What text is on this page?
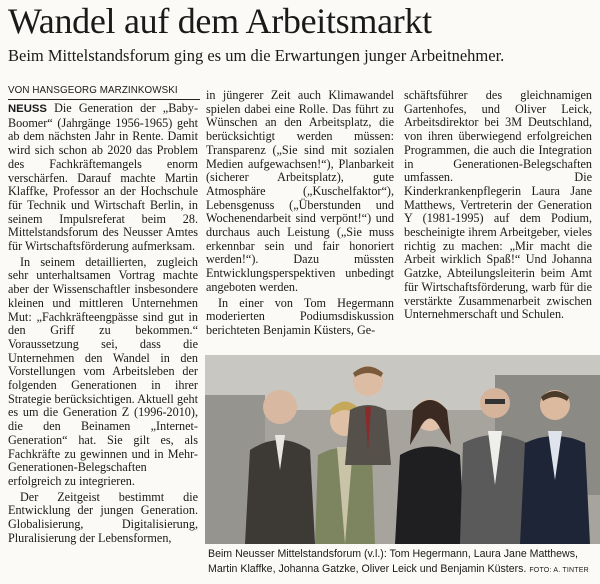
Wandel auf dem Arbeitsmarkt
Beim Mittelstandsforum ging es um die Erwartungen junger Arbeitnehmer.
VON HANSGEORG MARZINKOWSKI

NEUSS Die Generation der „Baby-Boomer“ (Jahrgänge 1956-1965) geht ab dem nächsten Jahr in Rente. Damit wird sich schon ab 2020 das Problem des Fachkräftemangels enorm verschärfen. Darauf machte Martin Klaffke, Professor an der Hochschule für Technik und Wirtschaft Berlin, in seinem Impulsreferat beim 28. Mittelstandsforum des Neusser Amtes für Wirtschaftsförderung aufmerksam.

In seinem detaillierten, zugleich sehr unterhaltsamen Vortrag machte aber der Wissenschaftler insbesondere kleinen und mittleren Unternehmen Mut: „Fachkräfteengpässe sind gut in den Griff zu bekommen.“ Voraussetzung sei, dass die Unternehmen den Wandel in den Vorstellungen vom Arbeitsleben der folgenden Generationen in ihrer Strategie berücksichtigen. Aktuell geht es um die Generation Z (1996-2010), die den Beinamen „Internet-Generation“ hat. Sie gilt es, als Fachkräfte zu gewinnen und in Mehr-Generationen-Belegschaften erfolgreich zu integrieren.

Der Zeitgeist bestimmt die Entwicklung der jungen Generation. Globalisierung, Digitalisierung, Pluralisierung der Lebensformen,

in jüngerer Zeit auch Klimawandel spielen dabei eine Rolle. Das führt zu Wünschen an den Arbeitsplatz, die berücksichtigt werden müssen: Transparenz („Sie sind mit sozialen Medien aufgewachsen!“), Planbarkeit (sicherer Arbeitsplatz), gute Atmosphäre („Kuschelfaktor“), Lebensgenuss („Überstunden und Wochenendarbeit sind verpönt!“) und durchaus auch Leistung („Sie muss erkennbar sein und fair honoriert werden!“). Dazu müssten Entwicklungsperspektiven unbedingt angeboten werden.

In einer von Tom Hegermann moderierten Podiumsdiskussion berichteten Benjamin Küsters, Ge-

schäftsführer des gleichnamigen Gartenhofes, und Oliver Leick, Arbeitsdirektor bei 3M Deutschland, von ihren überwiegend erfolgreichen Programmen, die auch die Integration in Generationen-Belegschaften umfassen. Die Kinderkrankenpflegerin Laura Jane Matthews, Vertreterin der Generation Y (1981-1995) auf dem Podium, bescheinigte ihrem Arbeitgeber, vieles richtig zu machen: „Mir macht die Arbeit wirklich Spaß!“ Und Johanna Gatzke, Abteilungsleiterin beim Amt für Wirtschaftsförderung, warb für die verstärkte Zusammenarbeit zwischen Unternehmerschaft und Schulen.

Beim Neusser Mittelstandsforum (v.l.): Tom Hegermann, Laura Jane Matthews,
Martin Klaffke, Johanna Gatzke, Oliver Leick und Benjamin Küsters. FOTO: A. TINTER
